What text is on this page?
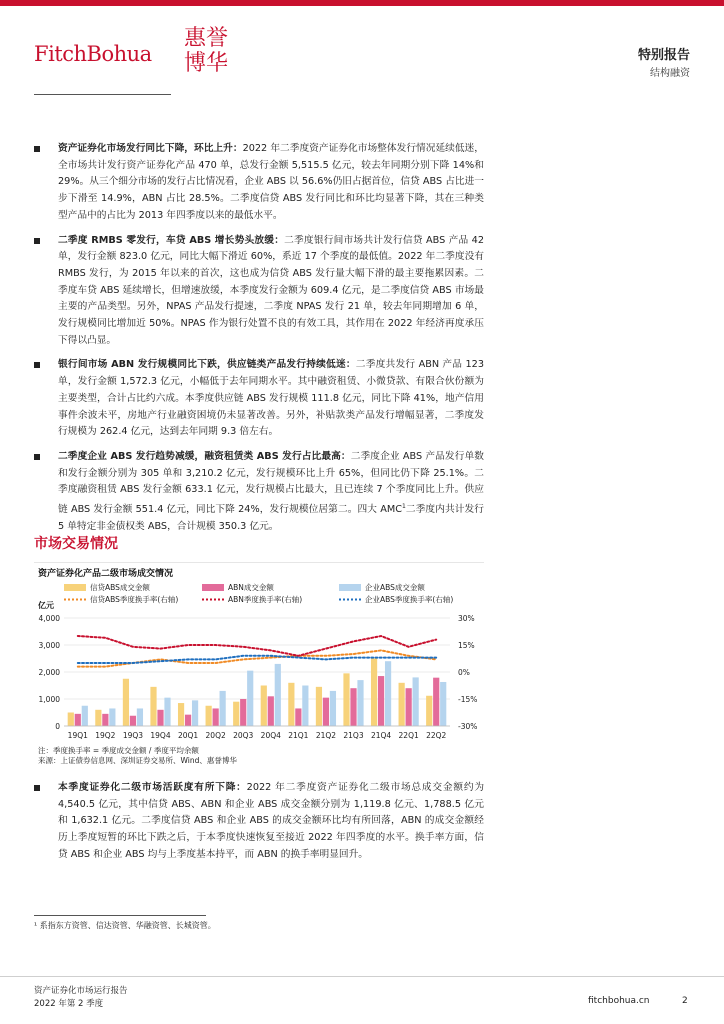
FitchBohua
惠誉博华	特别报告
结构融资
资产证券化市场发行同比下降，环比上升：2022 年二季度资产证券化市场整体发行情况延续低迷，全市场共计发行资产证券化产品 470 单，总发行金额 5,515.5 亿元，较去年同期分别下降 14%和 29%。从三个细分市场的发行占比情况看，企业 ABS 以 56.6%仍旧占据首位，信贷 ABS 占比进一步下滑至 14.9%，ABN 占比 28.5%。二季度信贷 ABS 发行同比和环比均显著下降，其在三种类型产品中的占比为 2013 年四季度以来的最低水平。
二季度 RMBS 零发行，车贷 ABS 增长势头放缓：二季度银行间市场共计发行信贷 ABS 产品 42 单，发行金额 823.0 亿元，同比大幅下滑近 60%，系近 17 个季度的最低值。2022 年二季度没有 RMBS 发行，为 2015 年以来的首次，这也成为信贷 ABS 发行量大幅下滑的最主要拖累因素。二季度车贷 ABS 延续增长，但增速放缓，本季度发行金额为 609.4 亿元，是二季度信贷 ABS 市场最主要的产品类型。另外，NPAS 产品发行提速，二季度 NPAS 发行 21 单，较去年同期增加 6 单，发行规模同比增加近 50%。NPAS 作为银行处置不良的有效工具，其作用在 2022 年经济再度承压下得以凸显。
银行间市场 ABN 发行规模同比下跌，供应链类产品发行持续低迷：二季度共发行 ABN 产品 123 单，发行金额 1,572.3 亿元，小幅低于去年同期水平。其中融资租赁、小微贷款、有限合伙份额为主要类型，合计占比约六成。本季度供应链 ABS 发行规模 111.8 亿元，同比下降 41%，地产信用事件余波未平，房地产行业融资困境仍未显著改善。另外，补贴款类产品发行增幅显著，二季度发行规模为 262.4 亿元，达到去年同期 9.3 倍左右。
二季度企业 ABS 发行趋势减缓，融资租赁类 ABS 发行占比最高：二季度企业 ABS 产品发行单数和发行金额分别为 305 单和 3,210.2 亿元，发行规模环比上升 65%，但同比仍下降 25.1%。二季度融资租赁 ABS 发行金额 633.1 亿元，发行规模占比最大，且已连续 7 个季度同比上升。供应链 ABS 发行金额 551.4 亿元，同比下降 24%，发行规模位居第二。四大 AMC$^1$二季度内共计发行 5 单特定非金债权类 ABS，合计规模 350.3 亿元。
市场交易情况
资产证券化产品二级市场成交情况
信贷ABS成交金额	ABN成交金额	企业ABS成交金额
信贷ABS季度换手率(右轴)	ABN季度换手率(右轴)	企业ABS季度换手率(右轴)
亿元
4,000
3,000
2,000
1,000
0
30%
15%
0%
-15%
-30%
19Q1 19Q2 19Q3 19Q4 20Q1 20Q2 20Q3 20Q4 21Q1 21Q2 21Q3 21Q4 22Q1 22Q2
注：季度换手率 = 季度成交金额 / 季度平均余额
来源：上证债券信息网、深圳证券交易所、Wind、惠誉博华
本季度证券化二级市场活跃度有所下降：2022 年二季度资产证券化二级市场总成交金额约为 4,540.5 亿元，其中信贷 ABS、ABN 和企业 ABS 成交金额分别为 1,119.8 亿元、1,788.5 亿元和 1,632.1 亿元。二季度信贷 ABS 和企业 ABS 的成交金额环比均有所回落，ABN 的成交金额经历上季度短暂的环比下跌之后，于本季度快速恢复至接近 2022 年四季度的水平。换手率方面，信贷 ABS 和企业 ABS 均与上季度基本持平，而 ABN 的换手率明显回升。
¹ 系指东方资管、信达资管、华融资管、长城资管。
资产证券化市场运行报告
2022 年第 2 季度	fitchbohua.cn	2
